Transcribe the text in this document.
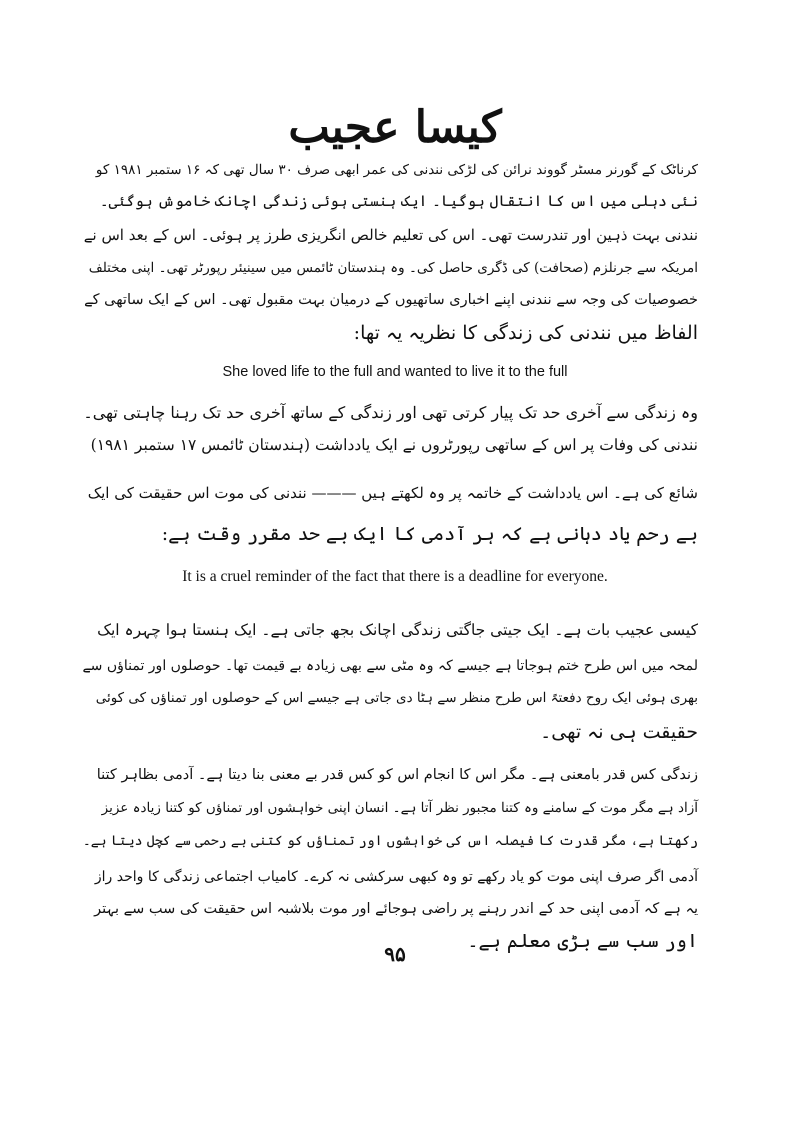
کیسا عجیب
کرناٹک کے گورنر مسٹر گووند نرائن کی لڑکی نندنی کی عمر ابھی صرف ۳۰ سال تھی کہ ۱۶ ستمبر ۱۹۸۱ کو
نئی دہلی میں اس کا انتقال ہوگیا۔ ایک ہنستی ہوئی زندگی اچانک خاموش ہوگئی۔
نندنی بہت ذہین اور تندرست تھی۔ اس کی تعلیم خالص انگریزی طرز پر ہوئی۔ اس کے بعد اس نے
امریکہ سے جرنلزم (صحافت) کی ڈگری حاصل کی۔ وہ ہندستان ٹائمس میں سینیئر رپورٹر تھی۔ اپنی مختلف
خصوصیات کی وجہ سے نندنی اپنے اخباری ساتھیوں کے درمیان بہت مقبول تھی۔ اس کے ایک ساتھی کے
الفاظ میں نندنی کی زندگی کا نظریہ یہ تھا:
She loved life to the full and wanted to live it to the full
وہ زندگی سے آخری حد تک پیار کرتی تھی اور زندگی کے ساتھ آخری حد تک رہنا چاہتی تھی۔
نندنی کی وفات پر اس کے ساتھی رپورٹروں نے ایک یادداشت (ہندستان ٹائمس ۱۷ ستمبر ۱۹۸۱)
شائع کی ہے۔ اس یادداشت کے خاتمہ پر وہ لکھتے ہیں ——— نندنی کی موت اس حقیقت کی ایک
بے رحم یاد دہانی ہے کہ ہر آدمی کا ایک بے حد مقرر وقت ہے:
It is a cruel reminder of the fact that there is a deadline for everyone.
کیسی عجیب بات ہے۔ ایک جیتی جاگتی زندگی اچانک بجھ جاتی ہے۔ ایک ہنستا ہوا چہرہ ایک
لمحہ میں اس طرح ختم ہوجاتا ہے جیسے کہ وہ مٹی سے بھی زیادہ بے قیمت تھا۔ حوصلوں اور تمناؤں سے
بھری ہوئی ایک روح دفعتہً اس طرح منظر سے ہٹا دی جاتی ہے جیسے اس کے حوصلوں اور تمناؤں کی کوئی
حقیقت ہی نہ تھی۔
زندگی کس قدر بامعنی ہے۔ مگر اس کا انجام اس کو کس قدر بے معنی بنا دیتا ہے۔ آدمی بظاہر کتنا
آزاد ہے مگر موت کے سامنے وہ کتنا مجبور نظر آتا ہے۔ انسان اپنی خواہشوں اور تمناؤں کو کتنا زیادہ عزیز
رکھتا ہے، مگر قدرت کا فیصلہ اس کی خواہشوں اور تمناؤں کو کتنی بے رحمی سے کچل دیتا ہے۔
آدمی اگر صرف اپنی موت کو یاد رکھے تو وہ کبھی سرکشی نہ کرے۔ کامیاب اجتماعی زندگی کا واحد راز
یہ ہے کہ آدمی اپنی حد کے اندر رہنے پر راضی ہوجائے اور موت بلاشبہ اس حقیقت کی سب سے بہتر
اور سب سے بڑی معلم ہے۔
۹۵
